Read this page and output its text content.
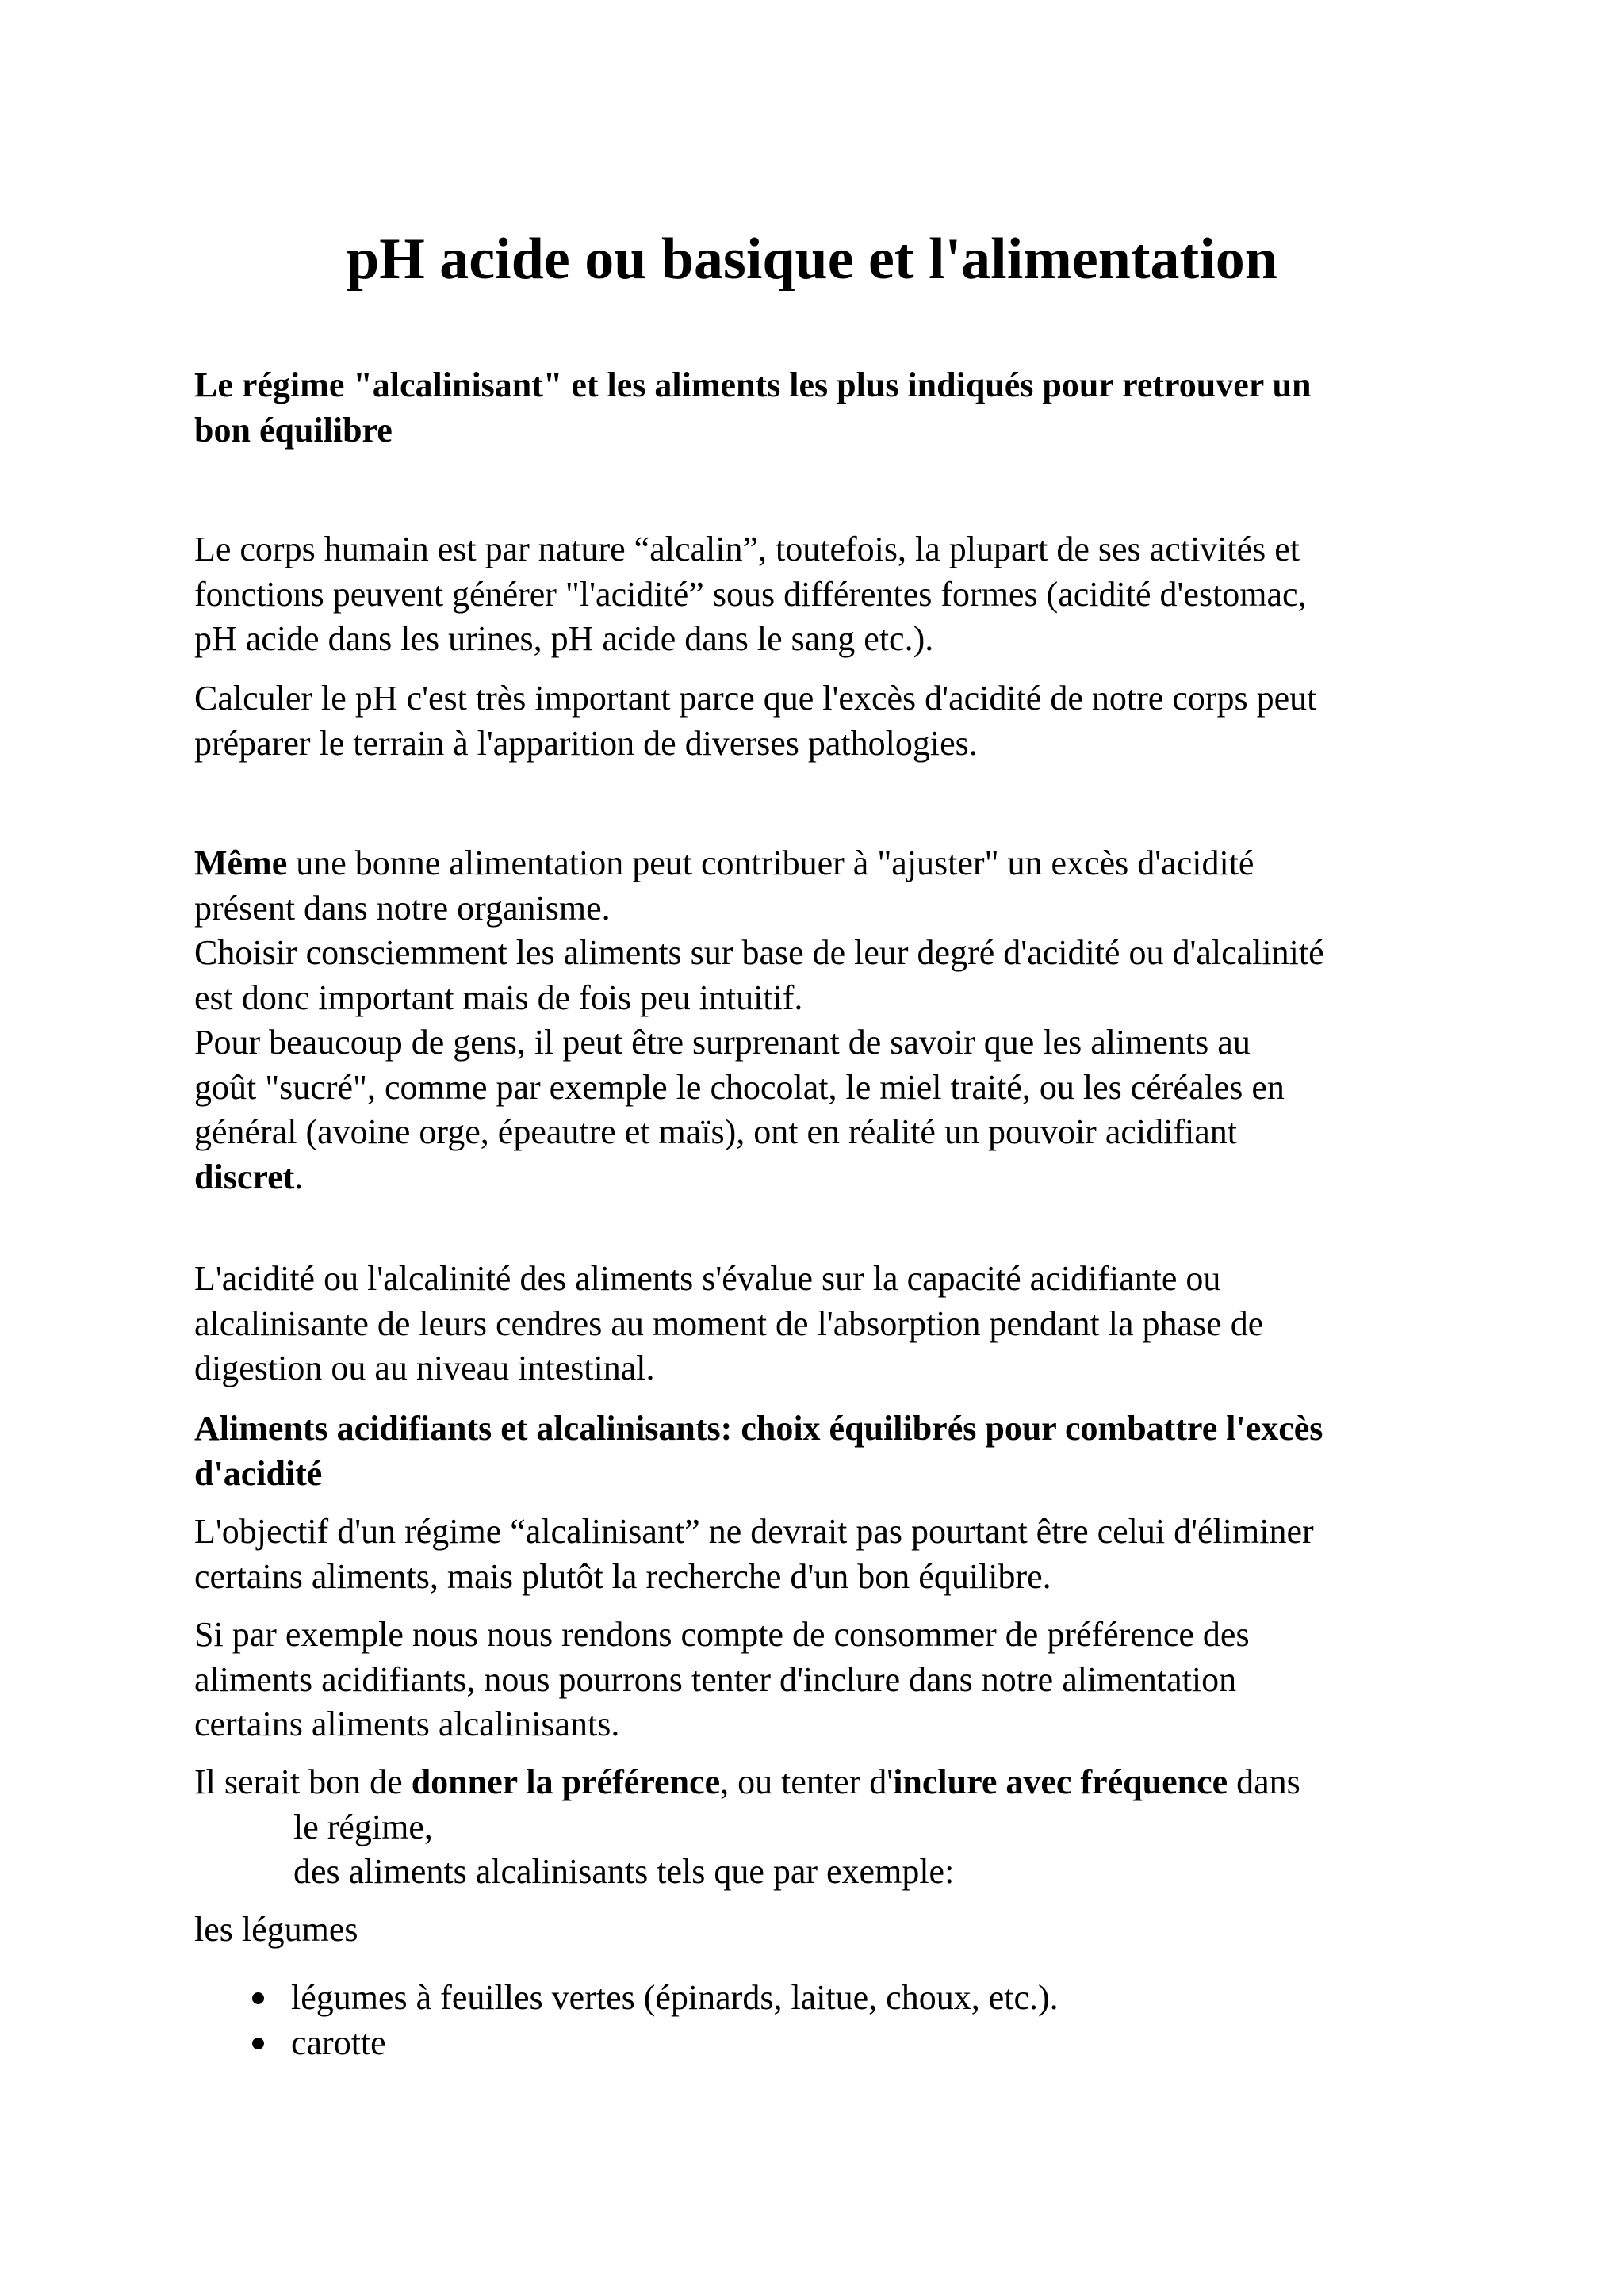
pH acide ou basique et l'alimentation

Le régime "alcalinisant" et les aliments les plus indiqués pour retrouver un
bon équilibre

Le corps humain est par nature “alcalin”, toutefois, la plupart de ses activités et
fonctions peuvent générer "l'acidité” sous différentes formes (acidité d'estomac,
pH acide dans les urines, pH acide dans le sang etc.).

Calculer le pH c'est très important parce que l'excès d'acidité de notre corps peut
préparer le terrain à l'apparition de diverses pathologies.

Même une bonne alimentation peut contribuer à "ajuster" un excès d'acidité
présent dans notre organisme.
Choisir consciemment les aliments sur base de leur degré d'acidité ou d'alcalinité
est donc important mais de fois peu intuitif.
Pour beaucoup de gens, il peut être surprenant de savoir que les aliments au
goût "sucré", comme par exemple le chocolat, le miel traité, ou les céréales en
général (avoine orge, épeautre et maïs), ont en réalité un pouvoir acidifiant
discret.

L'acidité ou l'alcalinité des aliments s'évalue sur la capacité acidifiante ou
alcalinisante de leurs cendres au moment de l'absorption pendant la phase de
digestion ou au niveau intestinal.

Aliments acidifiants et alcalinisants: choix équilibrés pour combattre l'excès
d'acidité

L'objectif d'un régime “alcalinisant” ne devrait pas pourtant être celui d'éliminer
certains aliments, mais plutôt la recherche d'un bon équilibre.

Si par exemple nous nous rendons compte de consommer de préférence des
aliments acidifiants, nous pourrons tenter d'inclure dans notre alimentation
certains aliments alcalinisants.

Il serait bon de donner la préférence, ou tenter d'inclure avec fréquence dans
le régime,
des aliments alcalinisants tels que par exemple:

les légumes

légumes à feuilles vertes (épinards, laitue, choux, etc.).
carotte
